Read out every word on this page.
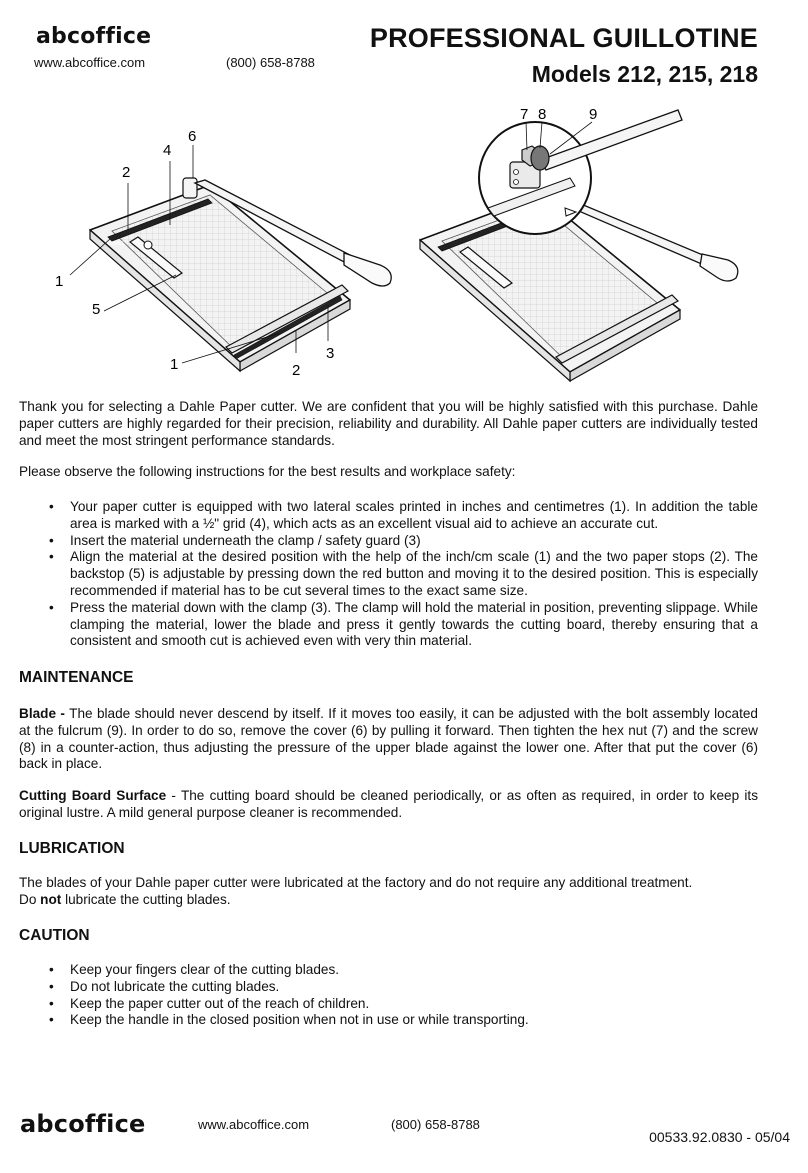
abcoffice
www.abcoffice.com	(800) 658-8788
PROFESSIONAL GUILLOTINE
Models 212, 215, 218
1
2
4
6
1
5
2
3
DAHLE
7 8	9

Thank you for selecting a Dahle Paper cutter. We are confident that you will be highly satisfied with this purchase. Dahle paper cutters are highly regarded for their precision, reliability and durability. All Dahle paper cutters are individually tested and meet the most stringent performance standards.

Please observe the following instructions for the best results and workplace safety:

• Your paper cutter is equipped with two lateral scales printed in inches and centimetres (1). In addition the table area is marked with a ½" grid (4), which acts as an excellent visual aid to achieve an accurate cut.
• Insert the material underneath the clamp / safety guard (3)
• Align the material at the desired position with the help of the inch/cm scale (1) and the two paper stops (2). The backstop (5) is adjustable by pressing down the red button and moving it to the desired position. This is especially recommended if material has to be cut several times to the exact same size.
• Press the material down with the clamp (3). The clamp will hold the material in position, preventing slippage. While clamping the material, lower the blade and press it gently towards the cutting board, thereby ensuring that a consistent and smooth cut is achieved even with very thin material.
MAINTENANCE

Blade - The blade should never descend by itself. If it moves too easily, it can be adjusted with the bolt assembly located at the fulcrum (9). In order to do so, remove the cover (6) by pulling it forward. Then tighten the hex nut (7) and the screw (8) in a counter-action, thus adjusting the pressure of the upper blade against the lower one. After that put the cover (6) back in place.

Cutting Board Surface - The cutting board should be cleaned periodically, or as often as required, in order to keep its original lustre. A mild general purpose cleaner is recommended.

LUBRICATION

The blades of your Dahle paper cutter were lubricated at the factory and do not require any additional treatment.

Do not lubricate the cutting blades.

CAUTION
• Keep your fingers clear of the cutting blades.
• Do not lubricate the cutting blades.
• Keep the paper cutter out of the reach of children.
• Keep the handle in the closed position when not in use or while transporting.
abcoffice	www.abcoffice.com	(800) 658-8788
00533.92.0830 - 05/04
